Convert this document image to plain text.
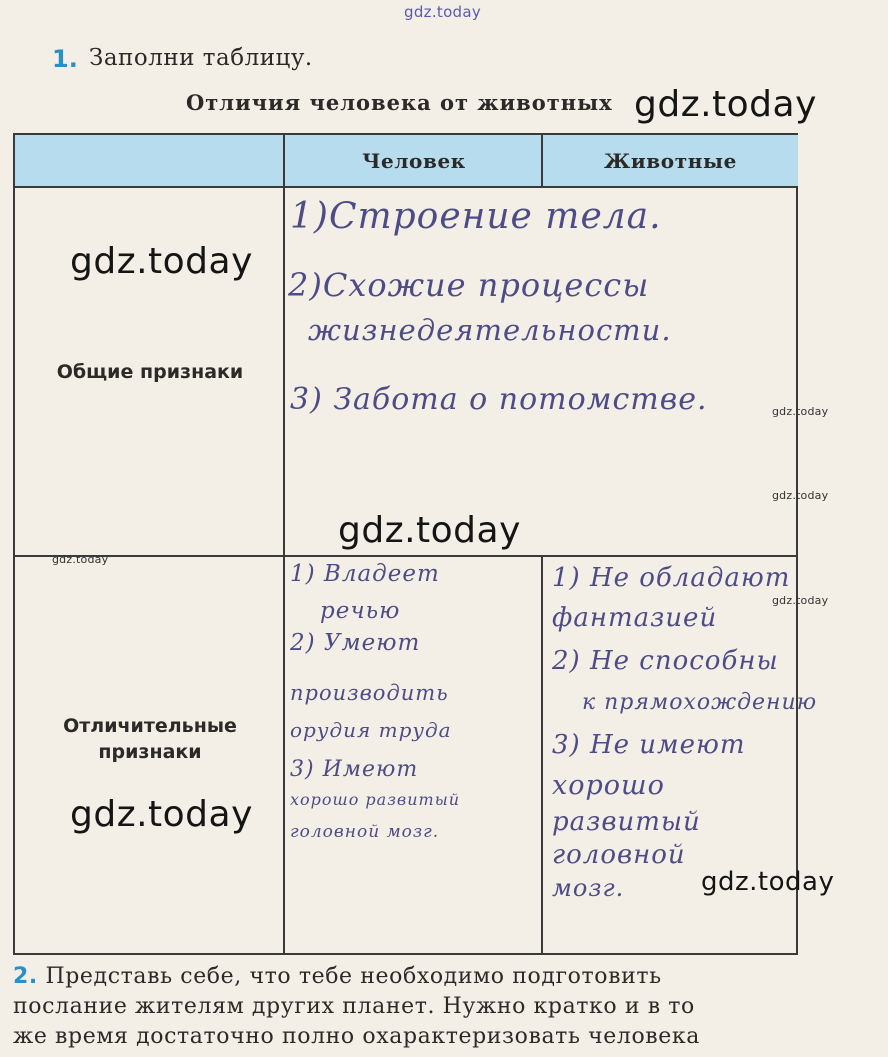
gdz.today
1. Заполни таблицу.
Отличия человека от животных gdz.today
Человек	Животные
Общие признаки
Отличительные
признаки
1)Строение тела.
2)Схожие процессы
жизнедеятельности.
3) Забота о потомстве.
1) Владеет
речью
2) Умеют
производить
орудия труда
3) Имеют
хорошо развитый
головной мозг.
1) Не обладают
фантазией
2) Не способны
к прямохождению
3) Не имеют
хорошо
развитый
головной
мозг.
gdz.today
gdz.today
gdz.today
gdz.today
gdz.today
gdz.today
gdz.today
gdz.today
2. Представь себе, что тебе необходимо подготовить
послание жителям других планет. Нужно кратко и в то
же время достаточно полно охарактеризовать человека
